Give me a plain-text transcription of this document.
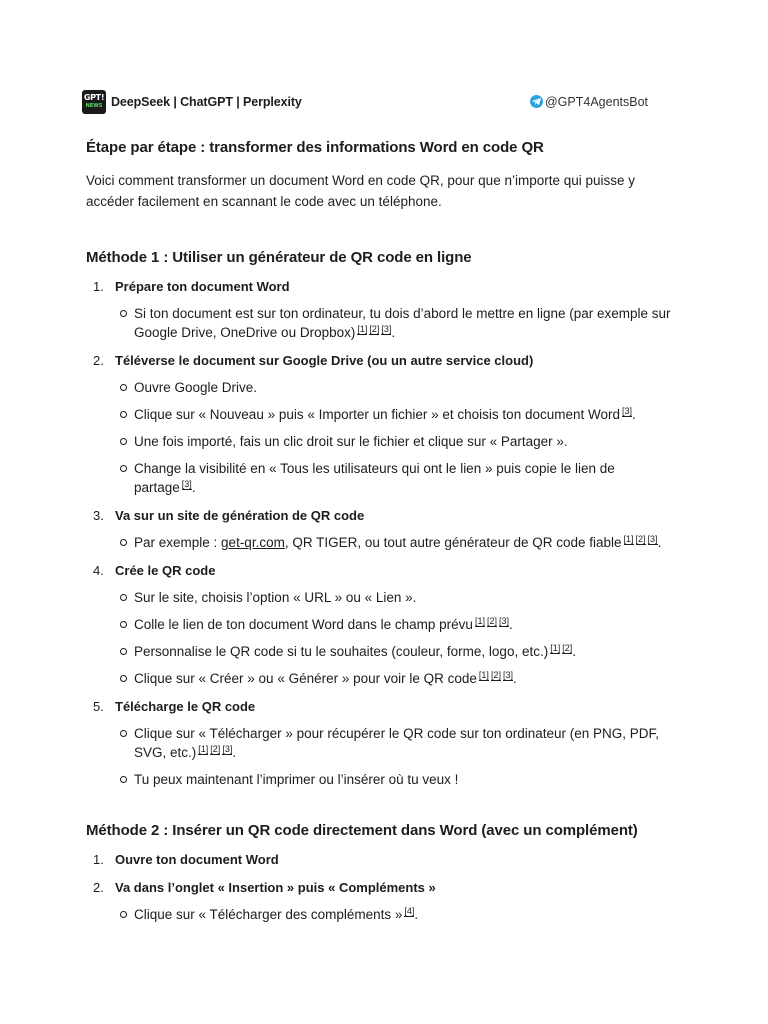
GPT!
NEWS DeepSeek | ChatGPT | Perplexity	@GPT4AgentsBot
Étape par étape : transformer des informations Word en code QR

Voici comment transformer un document Word en code QR, pour que n’importe qui puisse y accéder facilement en scannant le code avec un téléphone.

Méthode 1 : Utiliser un générateur de QR code en ligne
1. Prépare ton document Word
Si ton document est sur ton ordinateur, tu dois d’abord le mettre en ligne (par exemple sur Google Drive, OneDrive ou Dropbox) [1] [2] [3].
2. Téléverse le document sur Google Drive (ou un autre service cloud)
Ouvre Google Drive.
Clique sur « Nouveau » puis « Importer un fichier » et choisis ton document Word [3].
Une fois importé, fais un clic droit sur le fichier et clique sur « Partager ».
Change la visibilité en « Tous les utilisateurs qui ont le lien » puis copie le lien de partage [3].
3. Va sur un site de génération de QR code
Par exemple : get-qr.com, QR TIGER, ou tout autre générateur de QR code fiable [1] [2] [3].
4. Crée le QR code
Sur le site, choisis l’option « URL » ou « Lien ».
Colle le lien de ton document Word dans le champ prévu [1] [2] [3].
Personnalise le QR code si tu le souhaites (couleur, forme, logo, etc.) [1] [2].
Clique sur « Créer » ou « Générer » pour voir le QR code [1] [2] [3].
5. Télécharge le QR code
Clique sur « Télécharger » pour récupérer le QR code sur ton ordinateur (en PNG, PDF, SVG, etc.) [1] [2] [3].
Tu peux maintenant l’imprimer ou l’insérer où tu veux !
Méthode 2 : Insérer un QR code directement dans Word (avec un complément)
1. Ouvre ton document Word
2. Va dans l’onglet « Insertion » puis « Compléments »
Clique sur « Télécharger des compléments » [4].
